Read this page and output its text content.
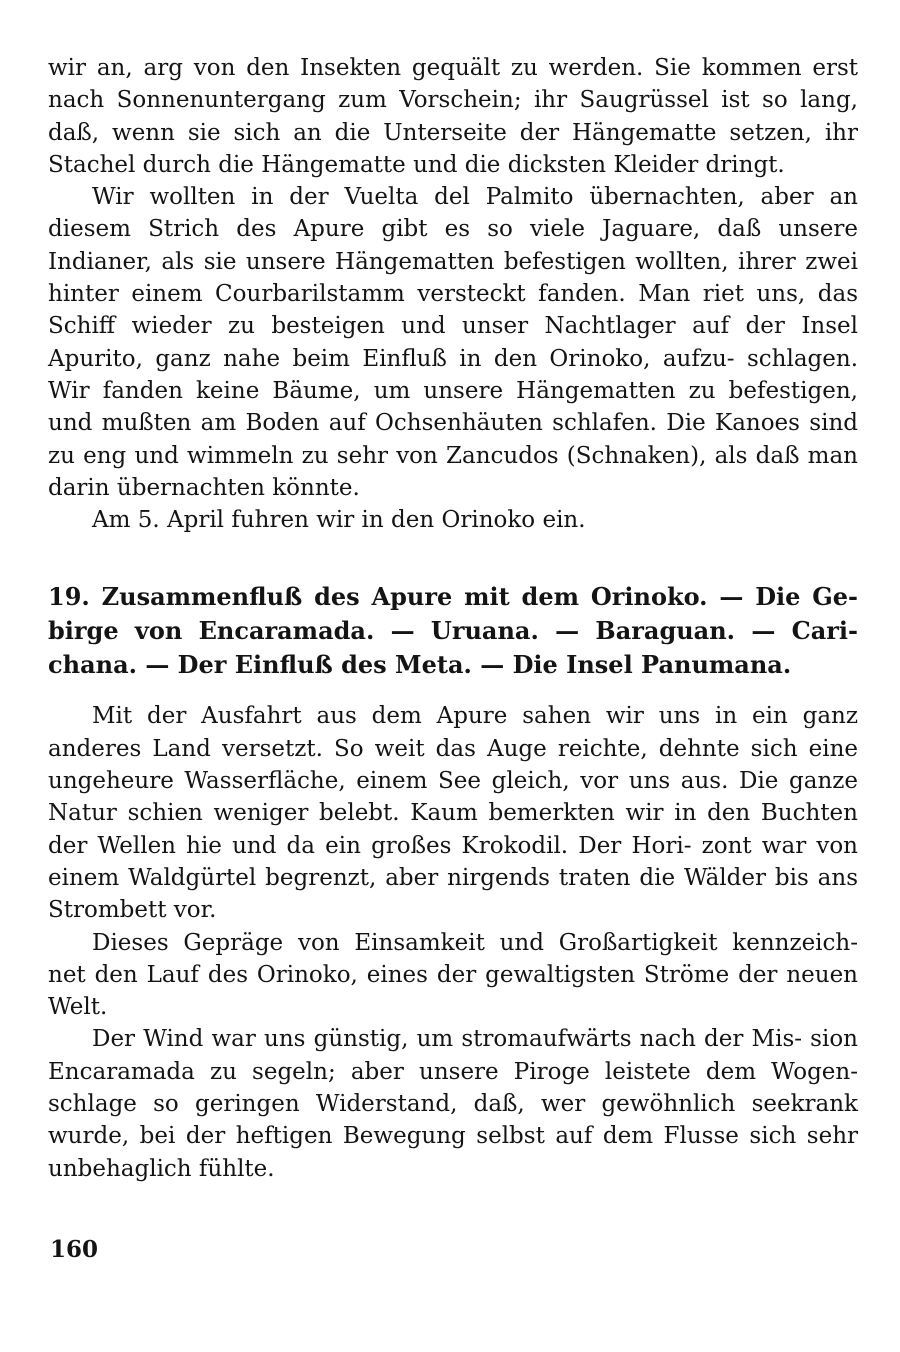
wir an, arg von den Insekten gequält zu werden. Sie kommen erst nach Sonnenuntergang zum Vorschein; ihr Saugrüssel ist so lang, daß, wenn sie sich an die Unterseite der Hängematte setzen, ihr Stachel durch die Hängematte und die dicksten Kleider dringt.

Wir wollten in der Vuelta del Palmito übernachten, aber an diesem Strich des Apure gibt es so viele Jaguare, daß unsere Indianer, als sie unsere Hängematten befestigen wollten, ihrer zwei hinter einem Courbarilstamm versteckt fanden. Man riet uns, das Schiff wieder zu besteigen und unser Nachtlager auf der Insel Apurito, ganz nahe beim Einfluß in den Orinoko, aufzu- schlagen. Wir fanden keine Bäume, um unsere Hängematten zu befestigen, und mußten am Boden auf Ochsenhäuten schlafen. Die Kanoes sind zu eng und wimmeln zu sehr von Zancudos (Schnaken), als daß man darin übernachten könnte.

Am 5. April fuhren wir in den Orinoko ein.

19. Zusammenfluß des Apure mit dem Orinoko. — Die Ge- birge von Encaramada. — Uruana. — Baraguan. — Cari- chana. — Der Einfluß des Meta. — Die Insel Panumana.

Mit der Ausfahrt aus dem Apure sahen wir uns in ein ganz anderes Land versetzt. So weit das Auge reichte, dehnte sich eine ungeheure Wasserfläche, einem See gleich, vor uns aus. Die ganze Natur schien weniger belebt. Kaum bemerkten wir in den Buchten der Wellen hie und da ein großes Krokodil. Der Hori- zont war von einem Waldgürtel begrenzt, aber nirgends traten die Wälder bis ans Strombett vor.

Dieses Gepräge von Einsamkeit und Großartigkeit kennzeich- net den Lauf des Orinoko, eines der gewaltigsten Ströme der neuen Welt.

Der Wind war uns günstig, um stromaufwärts nach der Mis- sion Encaramada zu segeln; aber unsere Piroge leistete dem Wogen- schlage so geringen Widerstand, daß, wer gewöhnlich seekrank wurde, bei der heftigen Bewegung selbst auf dem Flusse sich sehr unbehaglich fühlte.

160
